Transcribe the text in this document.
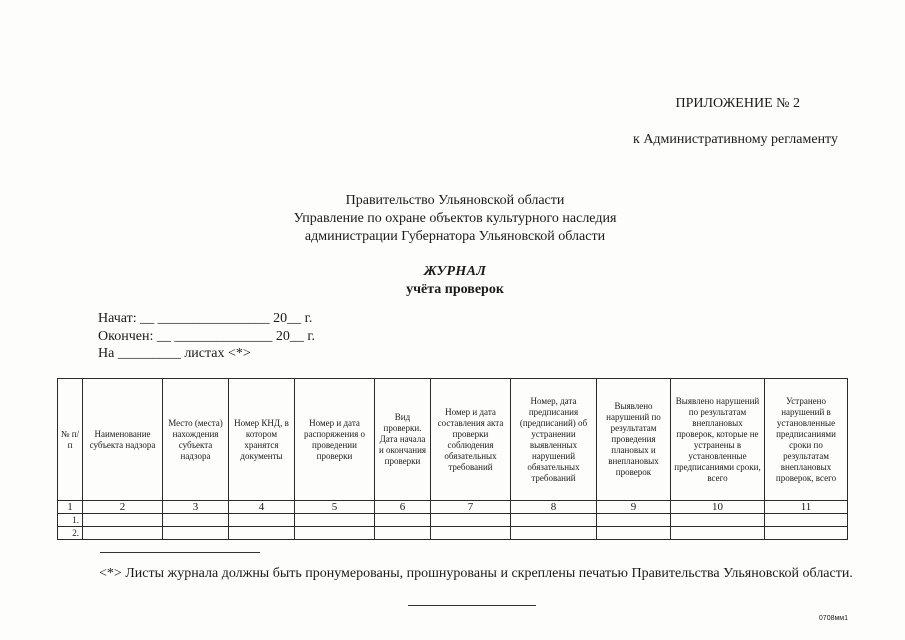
ПРИЛОЖЕНИЕ № 2
к Административному регламенту
Правительство Ульяновской области
Управление по охране объектов культурного наследия
администрации Губернатора Ульяновской области
ЖУРНАЛ
учёта проверок
Начат: __ ________________ 20__ г.
Окончен: __ ______________ 20__ г.
На _________ листах <*>
№ п/п	Наименование субъекта надзора	Место (места) нахождения субъекта надзора	Номер КНД, в котором хранятся документы	Номер и дата распоряжения о проведении проверки	Вид проверки. Дата начала и окончания проверки	Номер и дата составления акта проверки соблюдения обязательных требований	Номер, дата предписания (предписаний) об устранении выявленных нарушений обязательных требований	Выявлено нарушений по результатам проведения плановых и внеплановых проверок	Выявлено нарушений по результатам внеплановых проверок, которые не устранены в установленные предписаниями сроки, всего	Устранено нарушений в установленные предписаниями сроки по результатам внеплановых проверок, всего
1	2	3	4	5	6	7	8	9	10	11
1.										
2.										
<*> Листы журнала должны быть пронумерованы, прошнурованы и скреплены печатью Правительства Ульяновской области.
0708мм1
